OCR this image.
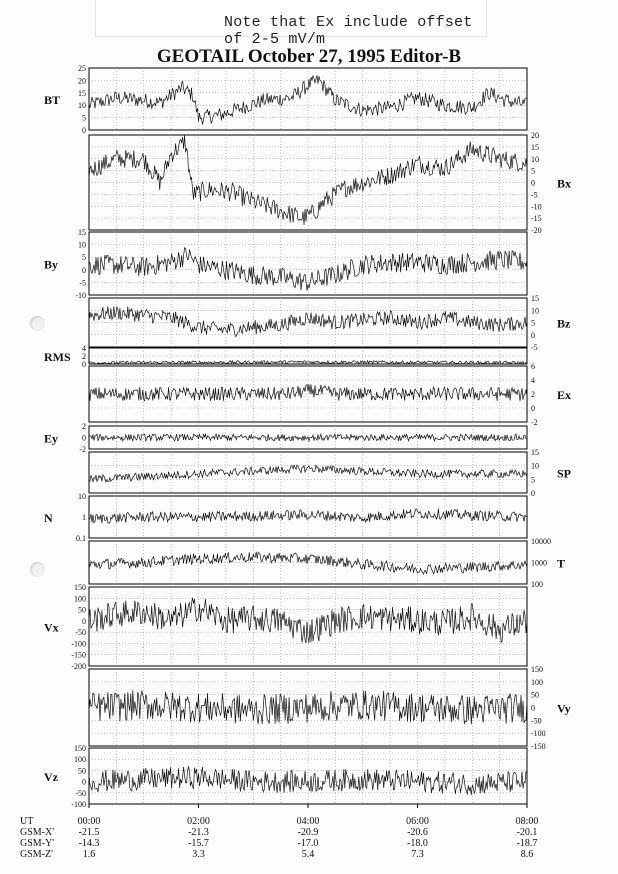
Note that Ex include offset of 2-5 mV/m
GEOTAIL October 27, 1995 Editor-B
0
5
10
15
20
25
BT
-20
-15
-10
-5
0
5
10
15
20
Bx
-10
-5
0
5
10
15
By
-5
0
5
10
15
Bz
0
2
4
RMS
-2
0
2
4
6
Ex
-2
0
2
Ey
0
5
10
15
SP
0.1
1
10
N
100
1000
10000
T
-200
-150
-100
-50
0
50
100
150
Vx
-150
-100
-50
0
50
100
150
Vy
-100
-50
0
50
100
150
Vz
UT
GSM-X'
GSM-Y'
GSM-Z'
00:00
-21.5
-14.3
1.6
02:00
-21.3
-15.7
3.3
04:00
-20.9
-17.0
5.4
06:00
-20.6
-18.0
7.3
08:00
-20.1
-18.7
8.6
